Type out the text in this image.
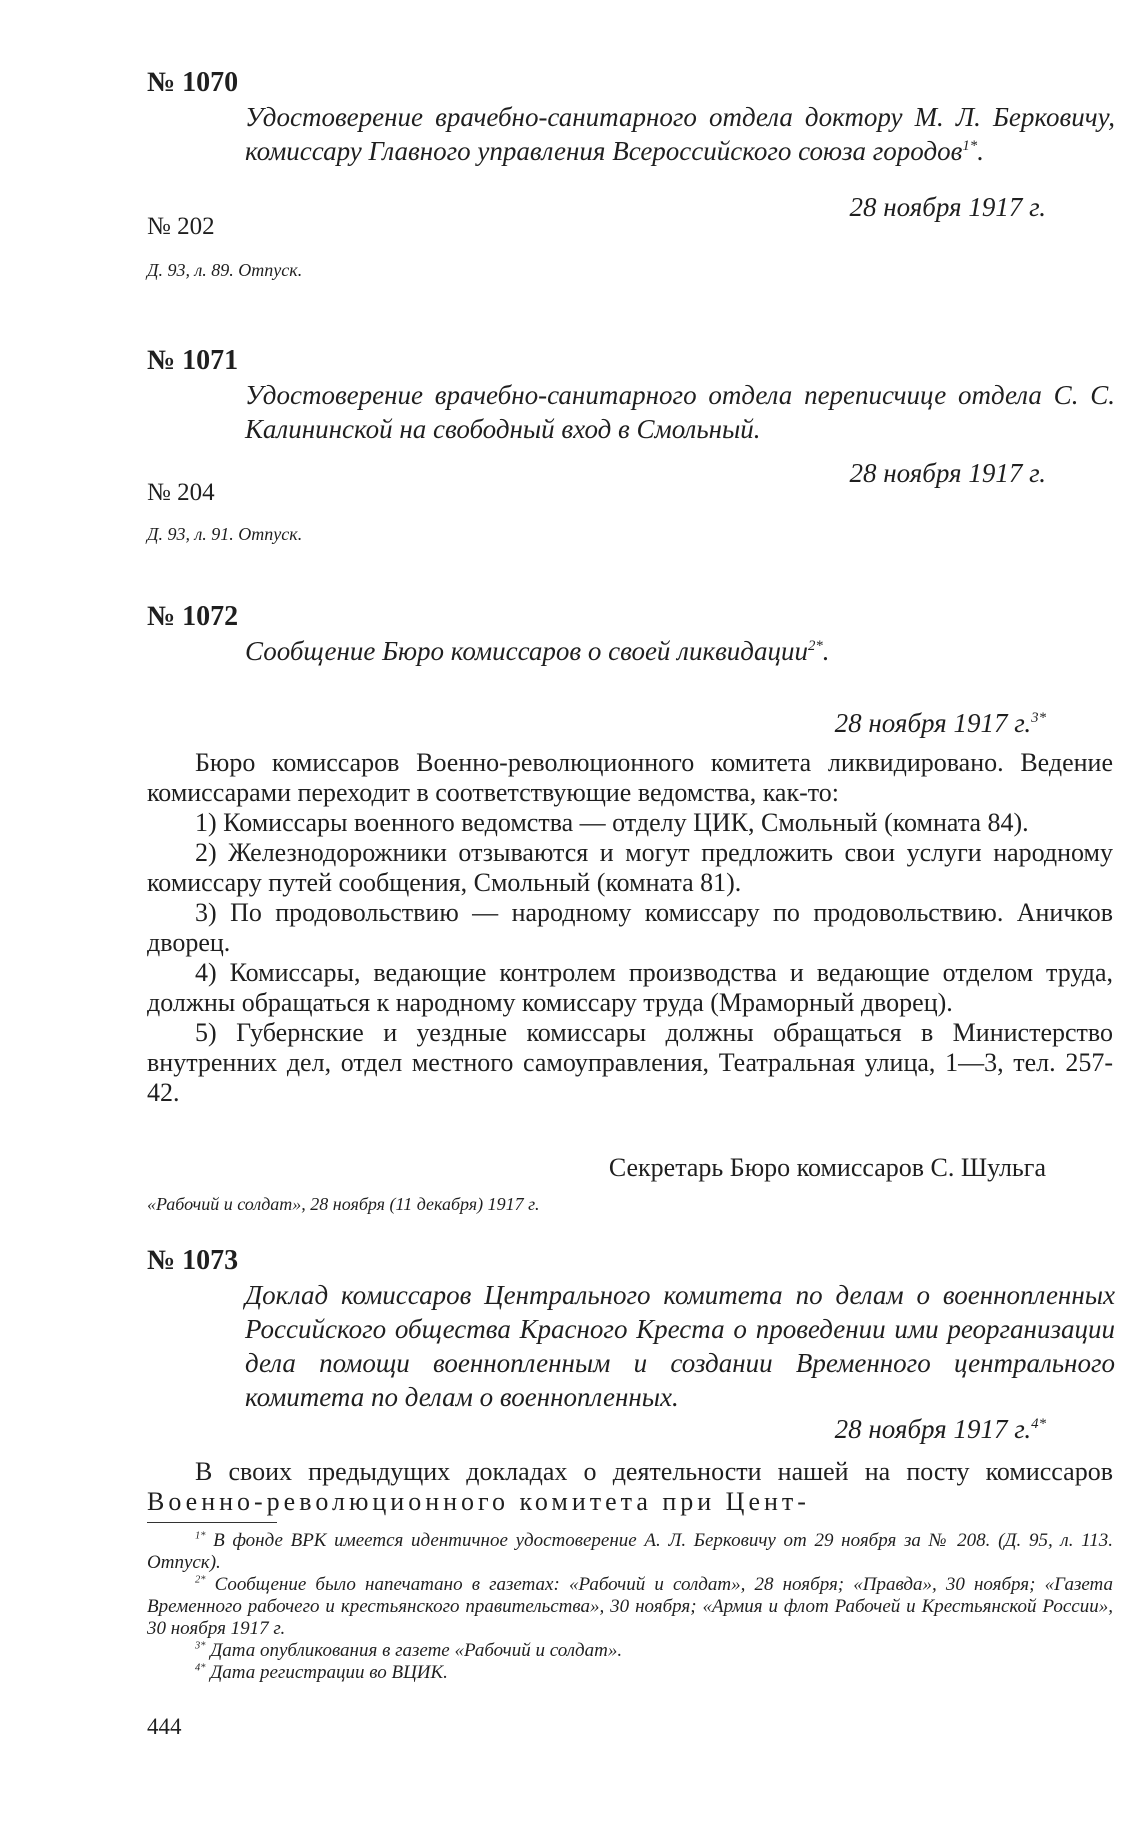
№ 1070
Удостоверение врачебно-санитарного отдела доктору М. Л. Берковичу, комиссару Главного управления Всероссийского союза городов$^{1*}$.
28 ноября 1917 г.
№ 202
Д. 93, л. 89. Отпуск.
№ 1071
Удостоверение врачебно-санитарного отдела переписчице отдела С. С. Калининской на свободный вход в Смольный.
28 ноября 1917 г.
№ 204
Д. 93, л. 91. Отпуск.
№ 1072
Сообщение Бюро комиссаров о своей ликвидации$^{2*}$.
28 ноября 1917 г.$^{3*}$

Бюро комиссаров Военно-революционного комитета ликвидировано. Ведение комиссарами переходит в соответствующие ведомства, как-то:

1) Комиссары военного ведомства — отделу ЦИК, Смольный (комната 84).

2) Железнодорожники отзываются и могут предложить свои услуги народному комиссару путей сообщения, Смольный (комната 81).

3) По продовольствию — народному комиссару по продовольствию. Аничков дворец.

4) Комиссары, ведающие контролем производства и ведающие отделом труда, должны обращаться к народному комиссару труда (Мраморный дворец).

5) Губернские и уездные комиссары должны обращаться в Министерство внутренних дел, отдел местного самоуправления, Театральная улица, 1—3, тел. 257-42.

Секретарь Бюро комиссаров С. Шульга
«Рабочий и солдат», 28 ноября (11 декабря) 1917 г.
№ 1073
Доклад комиссаров Центрального комитета по делам о военнопленных Российского общества Красного Креста о проведении ими реорганизации дела помощи военнопленным и создании Временного центрального комитета по делам о военнопленных.
28 ноября 1917 г.$^{4*}$

В своих предыдущих докладах о деятельности нашей на посту комиссаров Военно-революционного комитета при Цент-

$^{1*}$ В фонде ВРК имеется идентичное удостоверение А. Л. Берковичу от 29 ноября за № 208. (Д. 95, л. 113. Отпуск).

$^{2*}$ Сообщение было напечатано в газетах: «Рабочий и солдат», 28 ноября; «Правда», 30 ноября; «Газета Временного рабочего и крестьянского правительства», 30 ноября; «Армия и флот Рабочей и Крестьянской России», 30 ноября 1917 г.

$^{3*}$ Дата опубликования в газете «Рабочий и солдат».

$^{4*}$ Дата регистрации во ВЦИК.

444
